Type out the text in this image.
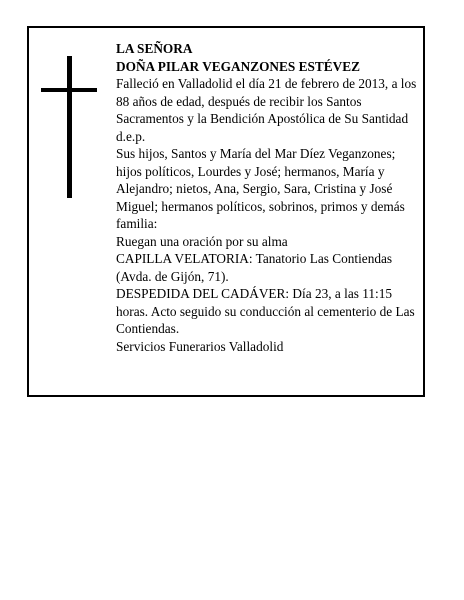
LA SEÑORA

DOÑA PILAR VEGANZONES ESTÉVEZ

Falleció en Valladolid el día 21 de febrero de 2013, a los 88 años de edad, después de recibir los Santos Sacramentos y la Bendición Apostólica de Su Santidad

d.e.p.

Sus hijos, Santos y María del Mar Díez Veganzones; hijos políticos, Lourdes y José; hermanos, María y Alejandro; nietos, Ana, Sergio, Sara, Cristina y José Miguel; hermanos políticos, sobrinos, primos y demás familia:

Ruegan una oración por su alma

CAPILLA VELATORIA: Tanatorio Las Contiendas (Avda. de Gijón, 71).

DESPEDIDA DEL CADÁVER: Día 23, a las 11:15 horas. Acto seguido su conducción al cementerio de Las Contiendas.

Servicios Funerarios Valladolid
